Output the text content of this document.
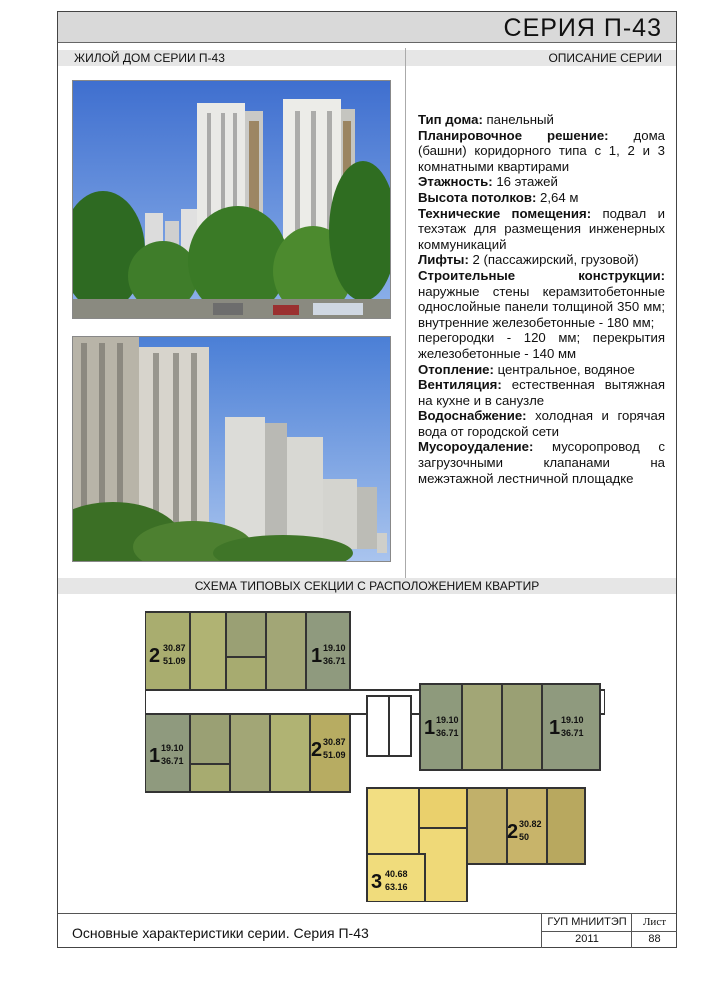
СЕРИЯ П-43
ЖИЛОЙ ДОМ СЕРИИ П-43	ОПИСАНИЕ СЕРИИ

Тип дома: панельный

Планировочное решение: дома (башни) коридорного типа с 1, 2 и 3 комнатными квартирами

Этажность: 16 этажей

Высота потолков: 2,64 м

Технические помещения: подвал и техэтаж для размещения инженерных коммуникаций

Лифты: 2 (пассажирский, грузовой)

Строительные конструкции: наружные стены керамзитобетонные однослойные панели толщиной 350 мм; внутренние железобетонные - 180 мм;

перегородки - 120 мм; перекрытия железобетонные - 140 мм

Отопление: центральное, водяное

Вентиляция: естественная вытяжная на кухне и в санузле

Водоснабжение: холодная и горячая вода от городской сети

Мусороудаление: мусоропровод с загрузочными клапанами на межэтажной лестничной площадке

СХЕМА ТИПОВЫХ СЕКЦИИ С РАСПОЛОЖЕНИЕМ КВАРТИР
2 30.87
51.09	1 19.10
36.71
1 19.10
36.71	2 30.87
51.09
1 19.10
36.71	1 19.10
36.71
2 30.82
50
3 40.68
63.16
Основные характеристики серии. Серия П-43
ГУП МНИИТЭП
2011
Лист
88
